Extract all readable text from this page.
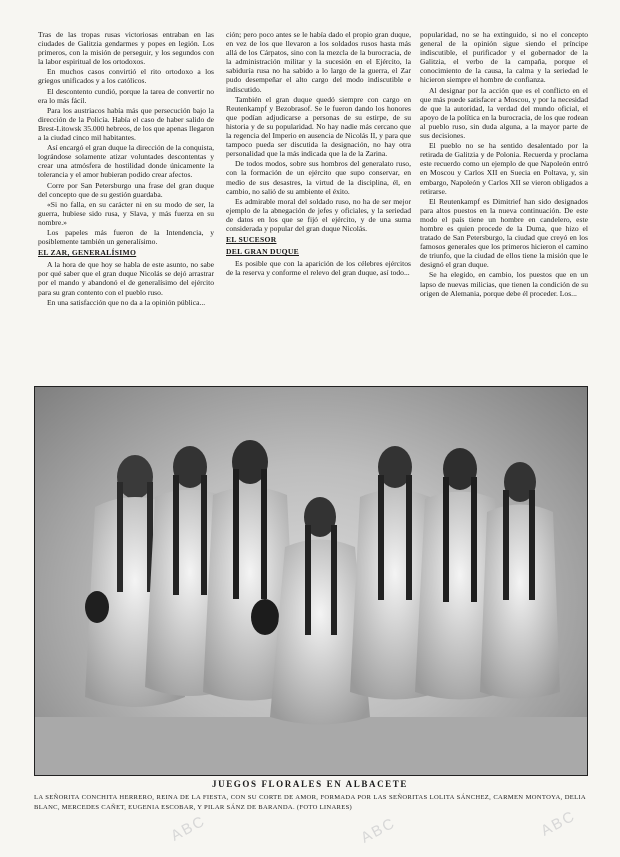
Tras de las tropas rusas victoriosas entraban en las ciudades de Galitzia gendarmes y popes en legión. Los primeros, con la misión de perseguir, y los segundos con la labor espiritual de los ortodoxos.

En muchos casos convirtió el rito ortodoxo a los griegos unificados y a los católicos.

El descontento cundió, porque la tarea de convertir no era lo más fácil.

Para los austriacos había más que persecución bajo la dirección de la Policía. Había el caso de haber salido de Brest-Litowsk 35.000 hebreos, de los que apenas llegaron a la ciudad cinco mil habitantes.

Así encargó el gran duque la dirección de la conquista, lográndose solamente atizar voluntades descontentas y crear una atmósfera de hostilidad donde únicamente la tolerancia y el amor hubieran podido crear afectos.

Corre por San Petersburgo una frase del gran duque del concepto que de su gestión guardaba.

«Si no falla, en su carácter ni en su modo de ser, la guerra, hubiese sido rusa, y Slava, y más fuerza en su nombre.»

Los papeles más fueron de la Intendencia, y posiblemente también un generalísimo.

EL ZAR, GENERALÍSIMO

A la hora de que hoy se habla de este asunto, no sabe por qué saber que el gran duque Nicolás se dejó arrastrar por el mando y abandonó el de generalísimo del ejército para su gran contento con el pueblo ruso.

En una satisfacción que no da a la opinión pública...

ción; pero poco antes se le había dado el propio gran duque, en vez de los que llevaron a los soldados rusos hasta más allá de los Cárpatos, sino con la mezcla de la burocracia, de la administración militar y la sucesión en el Ejército, la sabiduría rusa no ha sabido a lo largo de la guerra, el Zar pudo desempeñar el alto cargo del modo indiscutible e indiscutido.

También el gran duque quedó siempre con cargo en Reutenkampf y Bezobrasof. Se le fueron dando los honores que podían adjudicarse a personas de su estirpe, de su historia y de su popularidad. No hay nadie más cercano que la regencia del Imperio en ausencia de Nicolás II, y para que tampoco pueda ser discutida la designación, no hay otra personalidad que la más indicada que la de la Zarina.

De todos modos, sobre sus hombros del generalato ruso, con la formación de un ejército que supo conservar, en medio de sus desastres, la virtud de la disciplina, él, en cambio, no salió de su ambiente el éxito.

Es admirable moral del soldado ruso, no ha de ser mejor ejemplo de la abnegación de jefes y oficiales, y la seriedad de datos en los que se fijó el ejército, y de una suma considerada y popular del gran duque Nicolás.

EL SUCESOR
DEL GRAN DUQUE

Es posible que con la aparición de los célebres ejércitos de la reserva y conforme el relevo del gran duque, así todo...

popularidad, no se ha extinguido, si no el concepto general de la opinión sigue siendo el príncipe indiscutible, el purificador y el gobernador de la Galitzia, el verbo de la campaña, porque el conocimiento de la causa, la calma y la seriedad le hicieron siempre el hombre de confianza.

Al designar por la acción que es el conflicto en el que más puede satisfacer a Moscou, y por la necesidad de que la autoridad, la verdad del mundo oficial, el apoyo de la política en la burocracia, de los que rodean al pueblo ruso, sin duda alguna, a la mayor parte de sus decisiones.

El pueblo no se ha sentido desalentado por la retirada de Galitzia y de Polonia. Recuerda y proclama este recuerdo como un ejemplo de que Napoleón entró en Moscou y Carlos XII en Suecia en Poltava, y, sin embargo, Napoleón y Carlos XII se vieron obligados a retirarse.

El Reutenkampf es Dimitrief han sido designados para altos puestos en la nueva continuación. De este modo el país tiene un hombre en candelero, este hombre es quien procede de la Duma, que hizo el tratado de San Petersburgo, la ciudad que creyó en los famosos generales que los primeros hicieron el camino de triunfo, que la ciudad de ellos tiene la misión que le designó el gran duque.

Se ha elegido, en cambio, los puestos que en un lapso de nuevas milicias, que tienen la condición de su origen de Alemania, porque debe él proceder. Los...

JUEGOS FLORALES EN ALBACETE
LA SEÑORITA CONCHITA HERRERO, REINA DE LA FIESTA, CON SU CORTE DE AMOR, FORMADA POR LAS SEÑORITAS LOLITA SÁNCHEZ, CARMEN MONTOYA, DELIA BLANC, MERCEDES CAÑET, EUGENIA ESCOBAR, Y PILAR SÁNZ DE BARANDA. (FOTO LINARES)
ABC	ABC	ABC
